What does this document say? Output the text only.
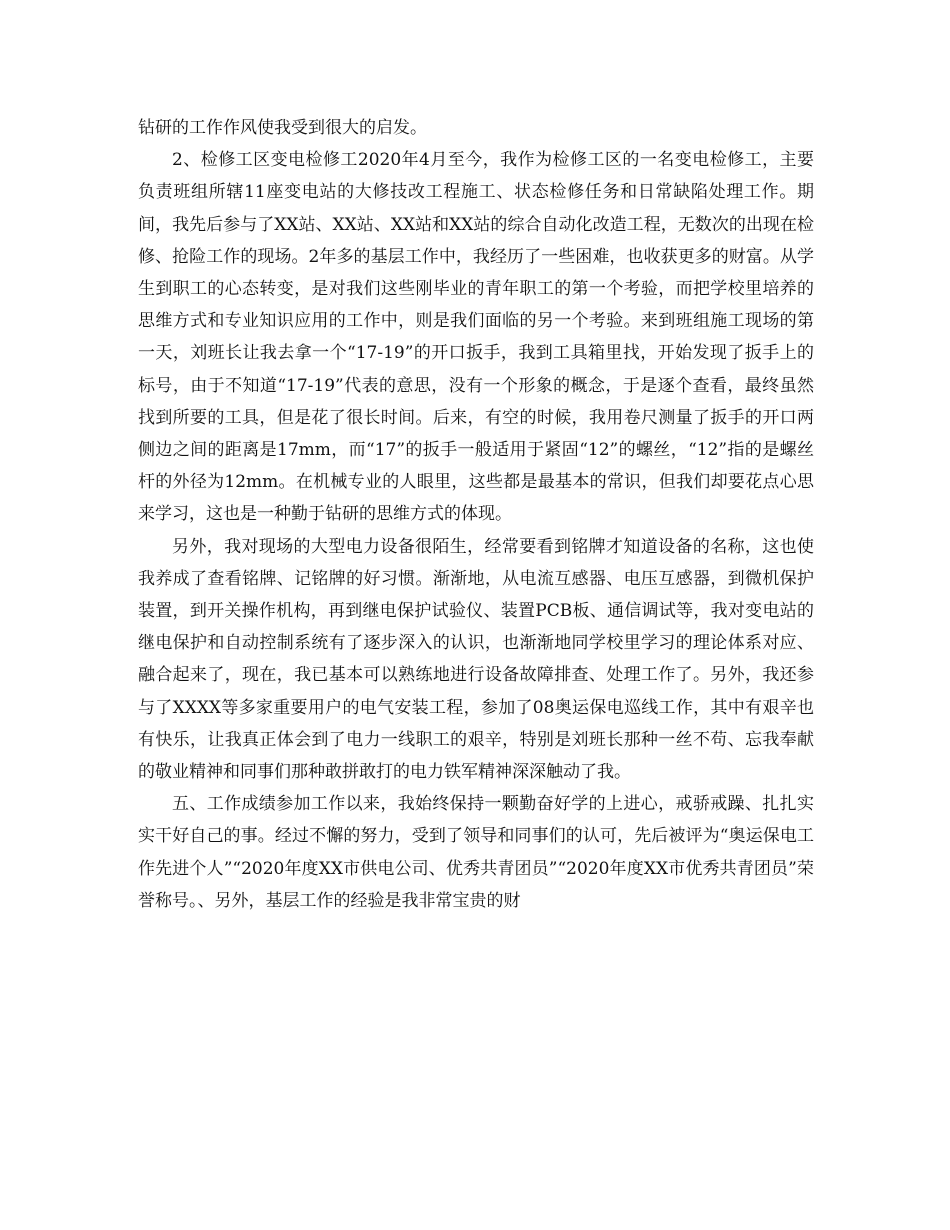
钻研的工作作风使我受到很大的启发。

2、检修工区变电检修工2020年4月至今，我作为检修工区的一名变电检修工，主要负责班组所辖11座变电站的大修技改工程施工、状态检修任务和日常缺陷处理工作。期间，我先后参与了XX站、XX站、XX站和XX站的综合自动化改造工程，无数次的出现在检修、抢险工作的现场。2年多的基层工作中，我经历了一些困难，也收获更多的财富。从学生到职工的心态转变，是对我们这些刚毕业的青年职工的第一个考验，而把学校里培养的思维方式和专业知识应用的工作中，则是我们面临的另一个考验。来到班组施工现场的第一天，刘班长让我去拿一个“17-19”的开口扳手，我到工具箱里找，开始发现了扳手上的标号，由于不知道“17-19”代表的意思，没有一个形象的概念，于是逐个查看，最终虽然找到所要的工具，但是花了很长时间。后来，有空的时候，我用卷尺测量了扳手的开口两侧边之间的距离是17mm，而“17”的扳手一般适用于紧固“12”的螺丝，“12”指的是螺丝杆的外径为12mm。在机械专业的人眼里，这些都是最基本的常识，但我们却要花点心思来学习，这也是一种勤于钻研的思维方式的体现。

另外，我对现场的大型电力设备很陌生，经常要看到铭牌才知道设备的名称，这也使我养成了查看铭牌、记铭牌的好习惯。渐渐地，从电流互感器、电压互感器，到微机保护装置，到开关操作机构，再到继电保护试验仪、装置PCB板、通信调试等，我对变电站的继电保护和自动控制系统有了逐步深入的认识，也渐渐地同学校里学习的理论体系对应、融合起来了，现在，我已基本可以熟练地进行设备故障排查、处理工作了。另外，我还参与了XXXX等多家重要用户的电气安装工程，参加了08奥运保电巡线工作，其中有艰辛也有快乐，让我真正体会到了电力一线职工的艰辛，特别是刘班长那种一丝不苟、忘我奉献的敬业精神和同事们那种敢拼敢打的电力铁军精神深深触动了我。

五、工作成绩参加工作以来，我始终保持一颗勤奋好学的上进心，戒骄戒躁、扎扎实实干好自己的事。经过不懈的努力，受到了领导和同事们的认可，先后被评为“奥运保电工作先进个人”“2020年度XX市供电公司、优秀共青团员”“2020年度XX市优秀共青团员”荣誉称号。、另外，基层工作的经验是我非常宝贵的财
